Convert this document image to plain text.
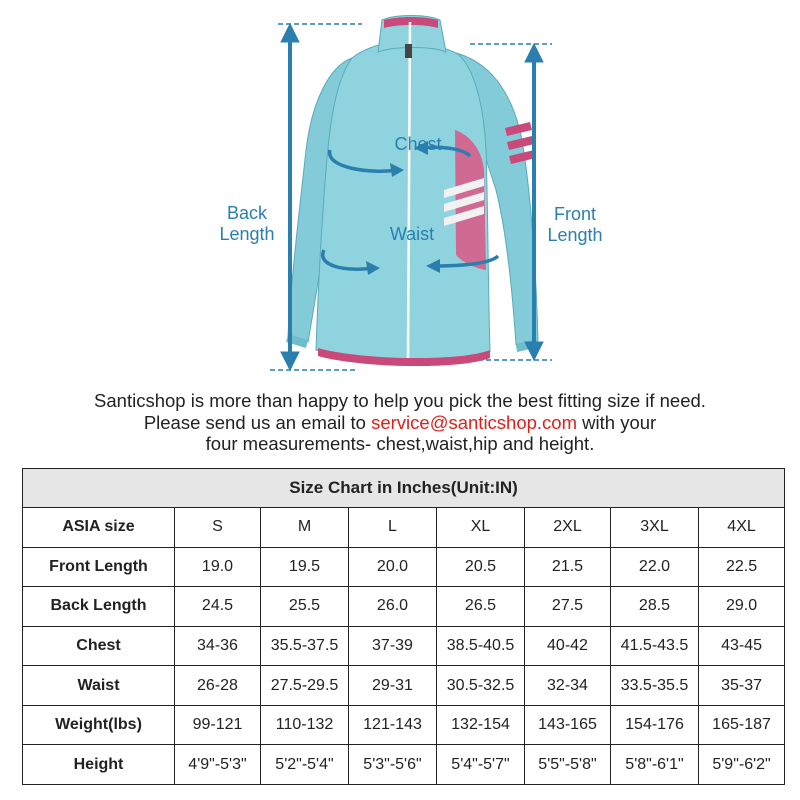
Chest
Waist
Back
Length
Front
Length
Santicshop is more than happy to help you pick the best fitting size if need.
Please send us an email to service@santicshop.com with your
four measurements- chest,waist,hip and height.
Size Chart in Inches(Unit:IN)							
ASIA size	S	M	L	XL	2XL	3XL	4XL
Front Length	19.0	19.5	20.0	20.5	21.5	22.0	22.5
Back Length	24.5	25.5	26.0	26.5	27.5	28.5	29.0
Chest	34-36	35.5-37.5	37-39	38.5-40.5	40-42	41.5-43.5	43-45
Waist	26-28	27.5-29.5	29-31	30.5-32.5	32-34	33.5-35.5	35-37
Weight(lbs)	99-121	110-132	121-143	132-154	143-165	154-176	165-187
Height	4'9"-5'3"	5'2"-5'4"	5'3"-5'6"	5'4"-5'7"	5'5"-5'8"	5'8"-6'1"	5'9"-6'2"
